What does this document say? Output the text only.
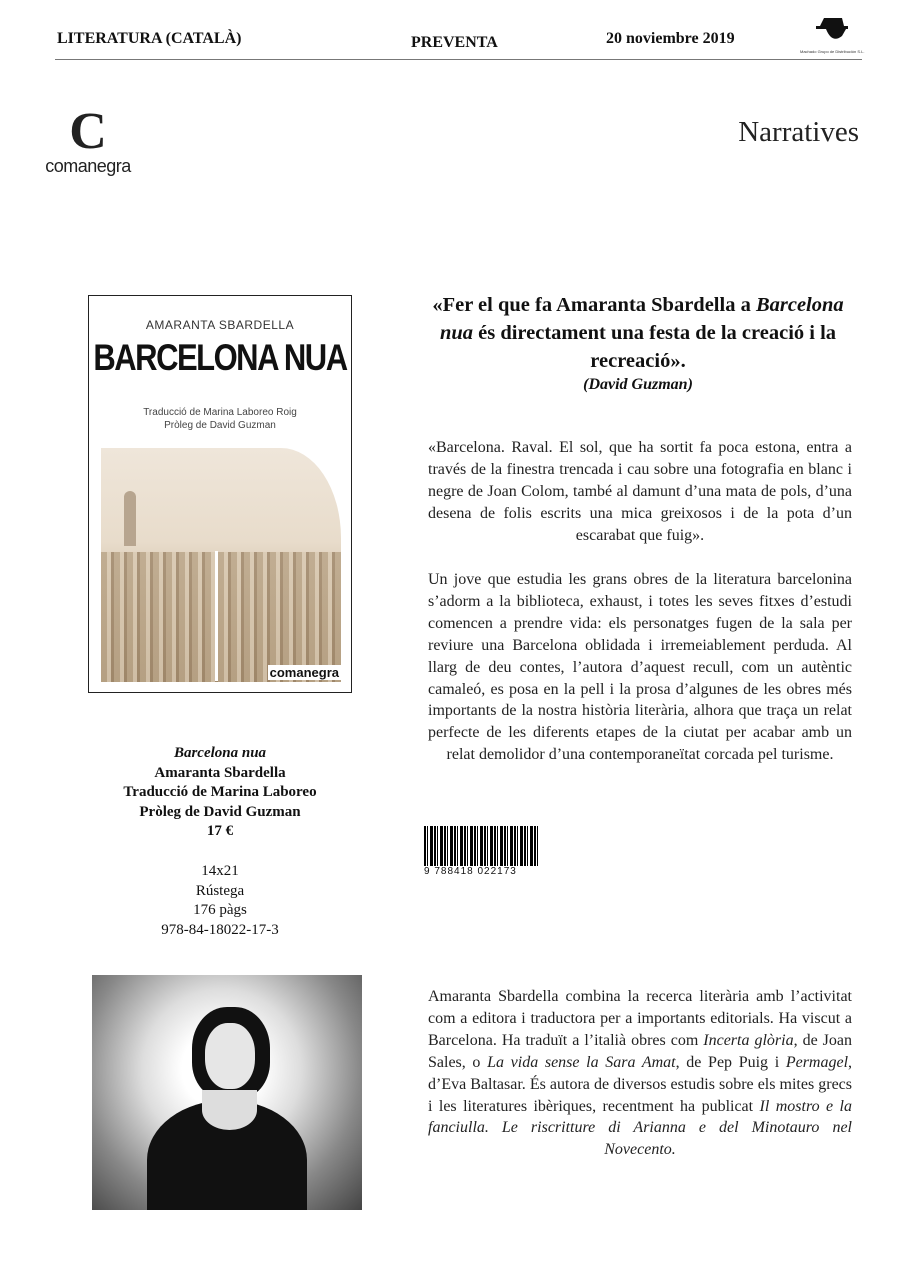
LITERATURA (CATALÀ)	PREVENTA	20 noviembre 2019
Machado Grupo de Distribución S.L.
C
comanegra
Narratives
AMARANTA SBARDELLA
BARCELONA NUA
Traducció de Marina Laboreo Roig
Pròleg de David Guzman
comanegra
Barcelona nua
Amaranta Sbardella
Traducció de Marina Laboreo
Pròleg de David Guzman
17 €
14x21
Rústega
176 pàgs
978-84-18022-17-3
«Fer el que fa Amaranta Sbardella a Barcelona nua és directament una festa de la creació i la recreació».
(David Guzman)
«Barcelona. Raval. El sol, que ha sortit fa poca estona, entra a través de la finestra trencada i cau sobre una fotografia en blanc i negre de Joan Colom, també al damunt d’una mata de pols, d’una desena de folis escrits una mica greixosos i de la pota d’un escarabat que fuig».
Un jove que estudia les grans obres de la literatura barcelonina s’adorm a la biblioteca, exhaust, i totes les seves fitxes d’estudi comencen a prendre vida: els personatges fugen de la sala per reviure una Barcelona oblidada i irremeiablement perduda. Al llarg de deu contes, l’autora d’aquest recull, com un autèntic camaleó, es posa en la pell i la prosa d’algunes de les obres més importants de la nostra història literària, alhora que traça un relat perfecte de les diferents etapes de la ciutat per acabar amb un relat demolidor d’una contemporaneïtat corcada pel turisme.
9 788418 022173
Amaranta Sbardella combina la recerca literària amb l’activitat com a editora i traductora per a importants editorials. Ha viscut a Barcelona. Ha traduït a l’italià obres com Incerta glòria, de Joan Sales, o La vida sense la Sara Amat, de Pep Puig i Permagel, d’Eva Baltasar. És autora de diversos estudis sobre els mites grecs i les literatures ibèriques, recentment ha publicat Il mostro e la fanciulla. Le riscritture di Arianna e del Minotauro nel Novecento.
